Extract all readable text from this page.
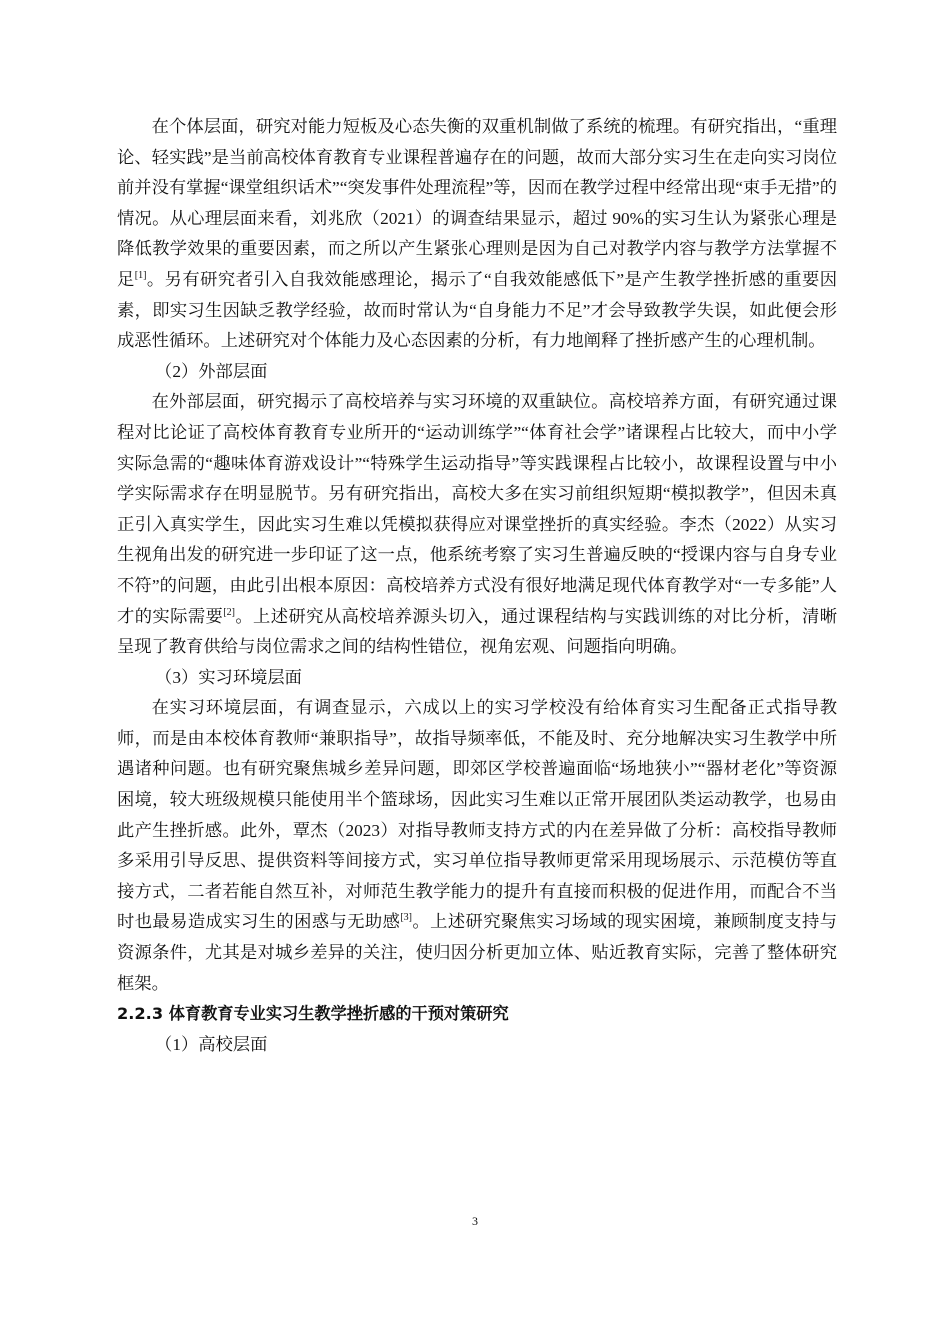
在个体层面，研究对能力短板及心态失衡的双重机制做了系统的梳理。有研究指出，“重理论、轻实践”是当前高校体育教育专业课程普遍存在的问题，故而大部分实习生在走向实习岗位前并没有掌握“课堂组织话术”“突发事件处理流程”等，因而在教学过程中经常出现“束手无措”的情况。从心理层面来看，刘兆欣（2021）的调查结果显示，超过 90%的实习生认为紧张心理是降低教学效果的重要因素，而之所以产生紧张心理则是因为自己对教学内容与教学方法掌握不足[1]。另有研究者引入自我效能感理论，揭示了“自我效能感低下”是产生教学挫折感的重要因素，即实习生因缺乏教学经验，故而时常认为“自身能力不足”才会导致教学失误，如此便会形成恶性循环。上述研究对个体能力及心态因素的分析，有力地阐释了挫折感产生的心理机制。

（2）外部层面

在外部层面，研究揭示了高校培养与实习环境的双重缺位。高校培养方面，有研究通过课程对比论证了高校体育教育专业所开的“运动训练学”“体育社会学”诸课程占比较大，而中小学实际急需的“趣味体育游戏设计”“特殊学生运动指导”等实践课程占比较小，故课程设置与中小学实际需求存在明显脱节。另有研究指出，高校大多在实习前组织短期“模拟教学”，但因未真正引入真实学生，因此实习生难以凭模拟获得应对课堂挫折的真实经验。李杰（2022）从实习生视角出发的研究进一步印证了这一点，他系统考察了实习生普遍反映的“授课内容与自身专业不符”的问题，由此引出根本原因：高校培养方式没有很好地满足现代体育教学对“一专多能”人才的实际需要[2]。上述研究从高校培养源头切入，通过课程结构与实践训练的对比分析，清晰呈现了教育供给与岗位需求之间的结构性错位，视角宏观、问题指向明确。

（3）实习环境层面

在实习环境层面，有调查显示，六成以上的实习学校没有给体育实习生配备正式指导教师，而是由本校体育教师“兼职指导”，故指导频率低，不能及时、充分地解决实习生教学中所遇诸种问题。也有研究聚焦城乡差异问题，即郊区学校普遍面临“场地狭小”“器材老化”等资源困境，较大班级规模只能使用半个篮球场，因此实习生难以正常开展团队类运动教学，也易由此产生挫折感。此外，覃杰（2023）对指导教师支持方式的内在差异做了分析：高校指导教师多采用引导反思、提供资料等间接方式，实习单位指导教师更常采用现场展示、示范模仿等直接方式，二者若能自然互补，对师范生教学能力的提升有直接而积极的促进作用，而配合不当时也最易造成实习生的困惑与无助感[3]。上述研究聚焦实习场域的现实困境，兼顾制度支持与资源条件，尤其是对城乡差异的关注，使归因分析更加立体、贴近教育实际，完善了整体研究框架。

2.2.3 体育教育专业实习生教学挫折感的干预对策研究

（1）高校层面

3
